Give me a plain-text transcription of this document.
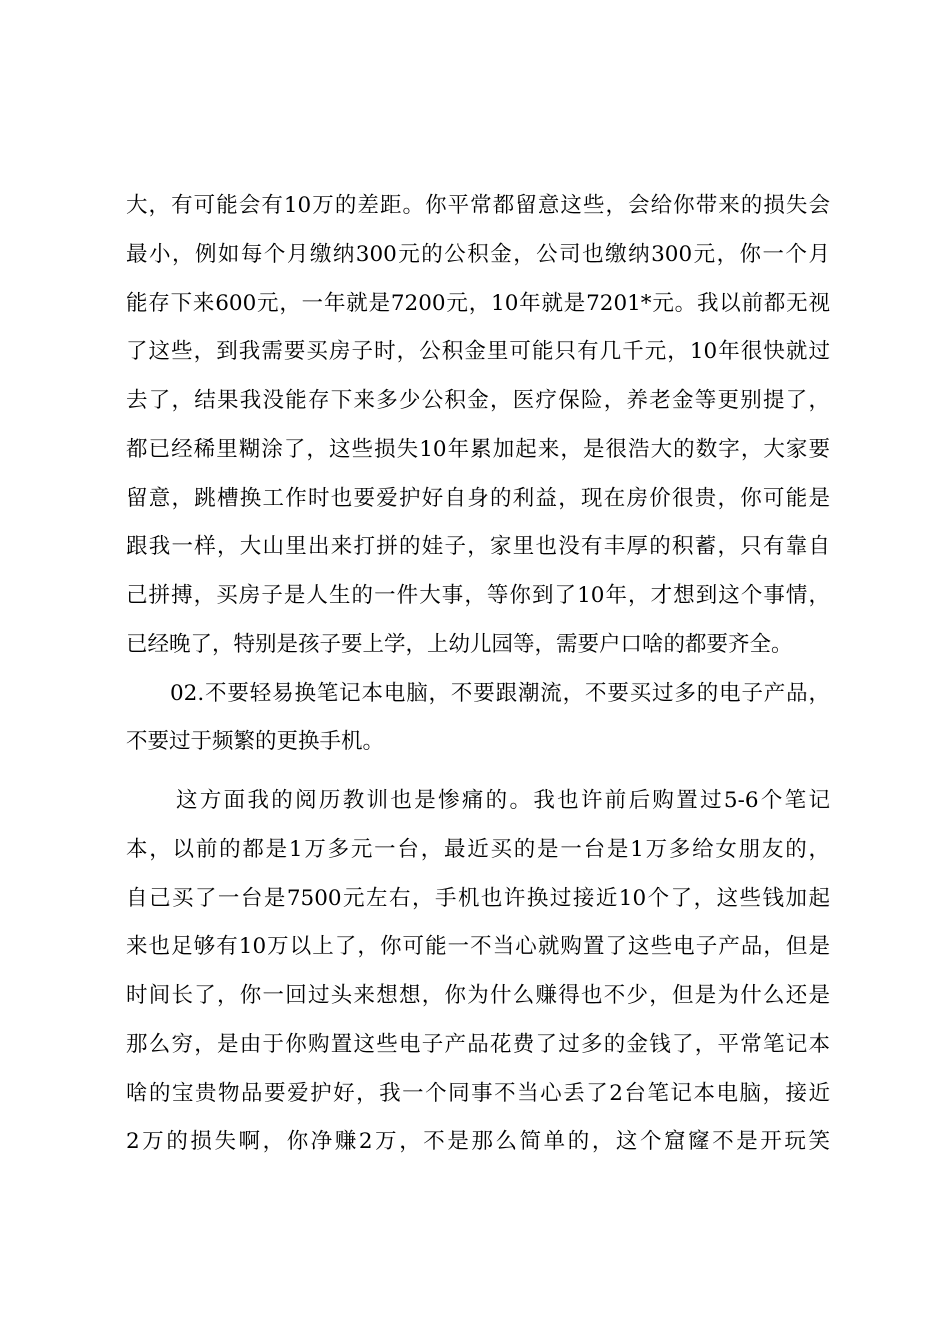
大，有可能会有10万的差距。你平常都留意这些，会给你带来的损失会
最小，例如每个月缴纳300元的公积金，公司也缴纳300元，你一个月
能存下来600元，一年就是7200元，10年就是7201*元。我以前都无视
了这些，到我需要买房子时，公积金里可能只有几千元，10年很快就过
去了，结果我没能存下来多少公积金，医疗保险，养老金等更别提了，
都已经稀里糊涂了，这些损失10年累加起来，是很浩大的数字，大家要
留意，跳槽换工作时也要爱护好自身的利益，现在房价很贵，你可能是
跟我一样，大山里出来打拼的娃子，家里也没有丰厚的积蓄，只有靠自
己拼搏，买房子是人生的一件大事，等你到了10年，才想到这个事情，
已经晚了，特别是孩子要上学，上幼儿园等，需要户口啥的都要齐全。
02.不要轻易换笔记本电脑，不要跟潮流，不要买过多的电子产品，
不要过于频繁的更换手机。
这方面我的阅历教训也是惨痛的。我也许前后购置过5-6个笔记
本，以前的都是1万多元一台，最近买的是一台是1万多给女朋友的，
自己买了一台是7500元左右，手机也许换过接近10个了，这些钱加起
来也足够有10万以上了，你可能一不当心就购置了这些电子产品，但是
时间长了，你一回过头来想想，你为什么赚得也不少，但是为什么还是
那么穷，是由于你购置这些电子产品花费了过多的金钱了，平常笔记本
啥的宝贵物品要爱护好，我一个同事不当心丢了2台笔记本电脑，接近
2万的损失啊，你净赚2万，不是那么简单的，这个窟窿不是开玩笑
